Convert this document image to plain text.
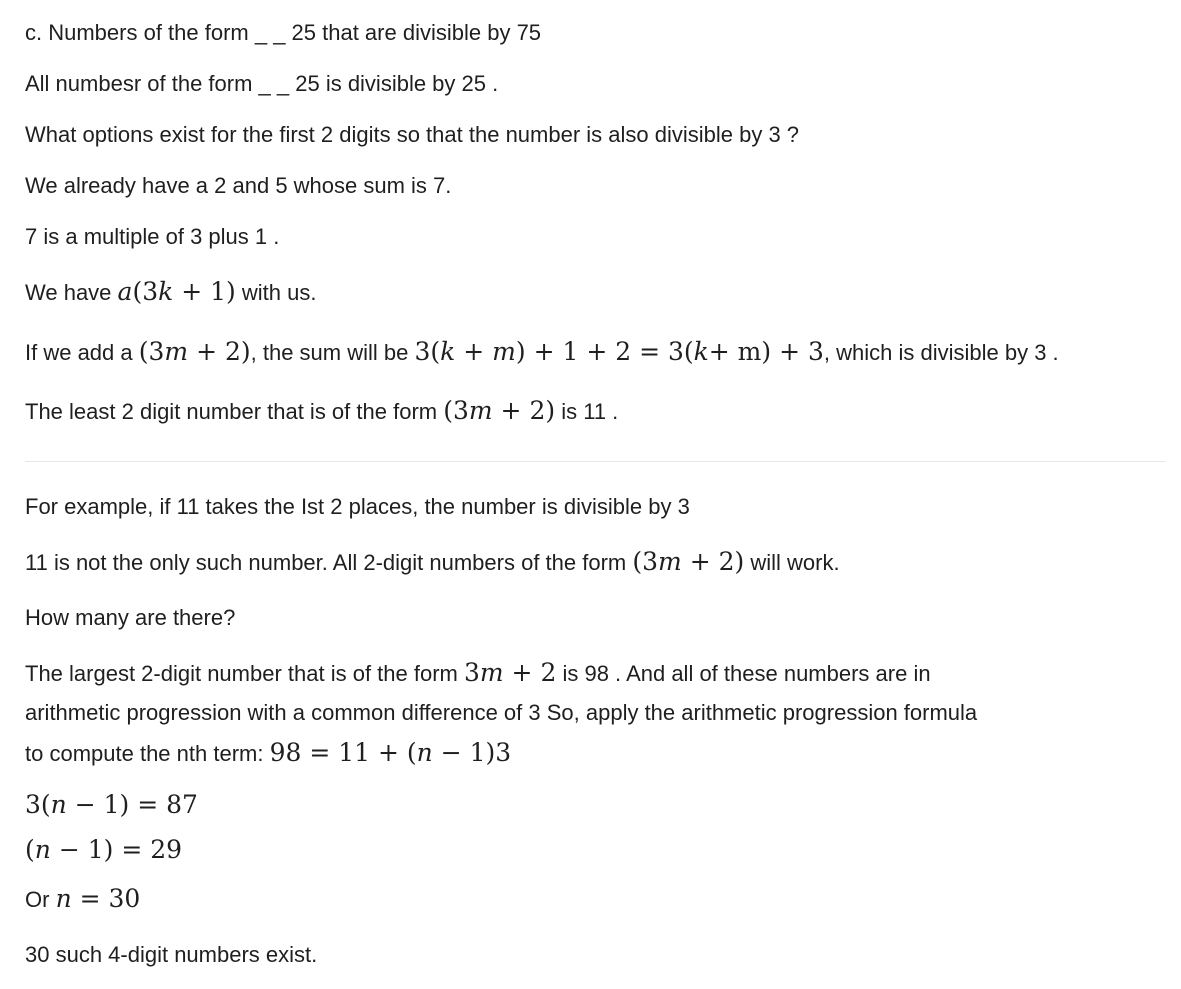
c. Numbers of the form _ _ 25 that are divisible by 75
All numbesr of the form _ _ 25 is divisible by 25 .
What options exist for the first 2 digits so that the number is also divisible by 3 ?
We already have a 2 and 5 whose sum is 7.
7 is a multiple of 3 plus 1 .
We have a(3k + 1) with us.
If we add a (3m + 2), the sum will be 3(k + m) + 1 + 2 = 3(k+ m) + 3, which is divisible by 3 .
The least 2 digit number that is of the form (3m + 2) is 11 .
For example, if 11 takes the Ist 2 places, the number is divisible by 3
11 is not the only such number. All 2-digit numbers of the form (3m + 2) will work.
How many are there?
The largest 2-digit number that is of the form 3m + 2 is 98 . And all of these numbers are in
arithmetic progression with a common difference of 3 So, apply the arithmetic progression formula
to compute the nth term: 98 = 11 + (n − 1)3
3(n − 1) = 87
(n − 1) = 29
Or n = 30
30 such 4-digit numbers exist.
